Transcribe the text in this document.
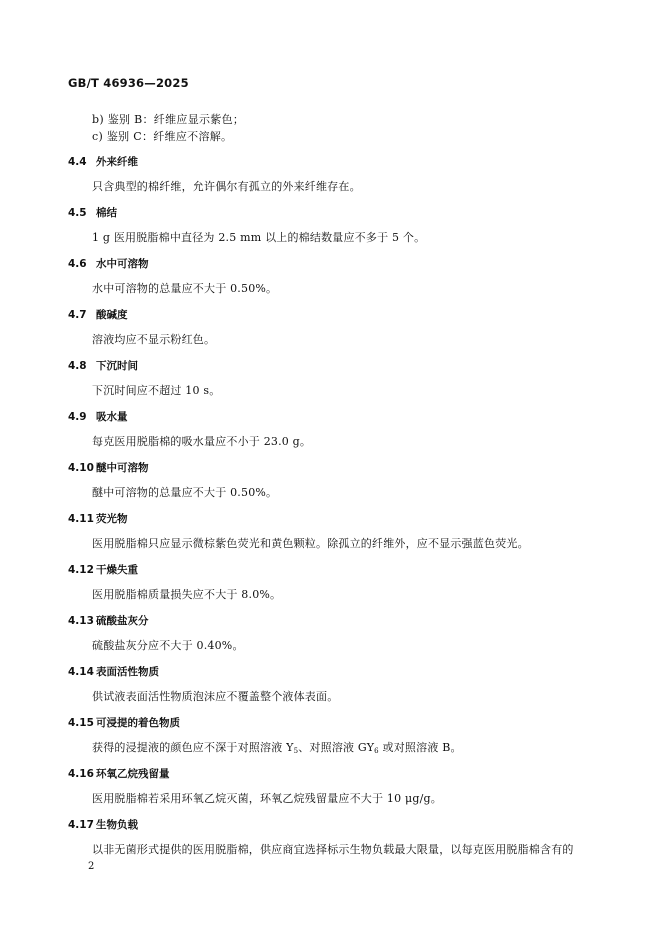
GB/T 46936—2025
b) 鉴别 B：纤维应显示紫色；
c) 鉴别 C：纤维应不溶解。
4.4 外来纤维
只含典型的棉纤维，允许偶尔有孤立的外来纤维存在。
4.5 棉结
1 g 医用脱脂棉中直径为 2.5 mm 以上的棉结数量应不多于 5 个。
4.6 水中可溶物
水中可溶物的总量应不大于 0.50%。
4.7 酸碱度
溶液均应不显示粉红色。
4.8 下沉时间
下沉时间应不超过 10 s。
4.9 吸水量
每克医用脱脂棉的吸水量应不小于 23.0 g。
4.10 醚中可溶物
醚中可溶物的总量应不大于 0.50%。
4.11 荧光物
医用脱脂棉只应显示微棕紫色荧光和黄色颗粒。除孤立的纤维外，应不显示强蓝色荧光。
4.12 干燥失重
医用脱脂棉质量损失应不大于 8.0%。
4.13 硫酸盐灰分
硫酸盐灰分应不大于 0.40%。
4.14 表面活性物质
供试液表面活性物质泡沫应不覆盖整个液体表面。
4.15 可浸提的着色物质
获得的浸提液的颜色应不深于对照溶液 $Y_5$、对照溶液 $GY_6$ 或对照溶液 B。
4.16 环氧乙烷残留量
医用脱脂棉若采用环氧乙烷灭菌，环氧乙烷残留量应不大于 10 μg/g。
4.17 生物负载
以非无菌形式提供的医用脱脂棉，供应商宜选择标示生物负载最大限量，以每克医用脱脂棉含有的
2
